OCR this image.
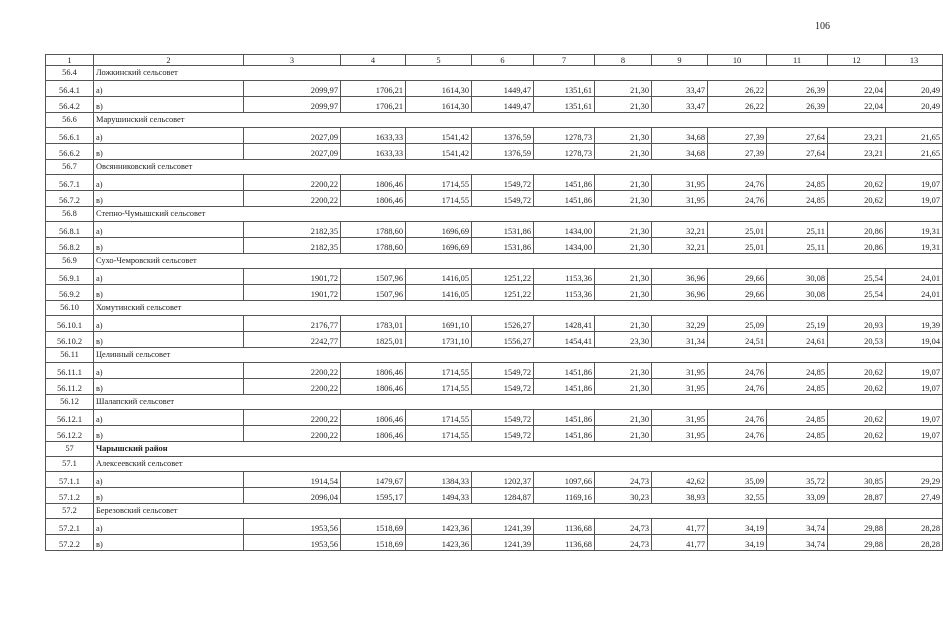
106
1	2	3	4	5	6	7	8	9	10	11	12	13
56.4	Ложкинский сельсовет											
56.4.1	а)	2099,97	1706,21	1614,30	1449,47	1351,61	21,30	33,47	26,22	26,39	22,04	20,49
56.4.2	в)	2099,97	1706,21	1614,30	1449,47	1351,61	21,30	33,47	26,22	26,39	22,04	20,49
56.6	Марушинский сельсовет											
56.6.1	а)	2027,09	1633,33	1541,42	1376,59	1278,73	21,30	34,68	27,39	27,64	23,21	21,65
56.6.2	в)	2027,09	1633,33	1541,42	1376,59	1278,73	21,30	34,68	27,39	27,64	23,21	21,65
56.7	Овсянниковский сельсовет											
56.7.1	а)	2200,22	1806,46	1714,55	1549,72	1451,86	21,30	31,95	24,76	24,85	20,62	19,07
56.7.2	в)	2200,22	1806,46	1714,55	1549,72	1451,86	21,30	31,95	24,76	24,85	20,62	19,07
56.8	Степно-Чумышский сельсовет											
56.8.1	а)	2182,35	1788,60	1696,69	1531,86	1434,00	21,30	32,21	25,01	25,11	20,86	19,31
56.8.2	в)	2182,35	1788,60	1696,69	1531,86	1434,00	21,30	32,21	25,01	25,11	20,86	19,31
56.9	Сухо-Чемровский сельсовет											
56.9.1	а)	1901,72	1507,96	1416,05	1251,22	1153,36	21,30	36,96	29,66	30,08	25,54	24,01
56.9.2	в)	1901,72	1507,96	1416,05	1251,22	1153,36	21,30	36,96	29,66	30,08	25,54	24,01
56.10	Хомутинский сельсовет											
56.10.1	а)	2176,77	1783,01	1691,10	1526,27	1428,41	21,30	32,29	25,09	25,19	20,93	19,39
56.10.2	в)	2242,77	1825,01	1731,10	1556,27	1454,41	23,30	31,34	24,51	24,61	20,53	19,04
56.11	Целинный сельсовет											
56.11.1	а)	2200,22	1806,46	1714,55	1549,72	1451,86	21,30	31,95	24,76	24,85	20,62	19,07
56.11.2	в)	2200,22	1806,46	1714,55	1549,72	1451,86	21,30	31,95	24,76	24,85	20,62	19,07
56.12	Шалапский сельсовет											
56.12.1	а)	2200,22	1806,46	1714,55	1549,72	1451,86	21,30	31,95	24,76	24,85	20,62	19,07
56.12.2	в)	2200,22	1806,46	1714,55	1549,72	1451,86	21,30	31,95	24,76	24,85	20,62	19,07
57	Чарышский район											
57.1	Алексеевский сельсовет											
57.1.1	а)	1914,54	1479,67	1384,33	1202,37	1097,66	24,73	42,62	35,09	35,72	30,85	29,29
57.1.2	в)	2096,04	1595,17	1494,33	1284,87	1169,16	30,23	38,93	32,55	33,09	28,87	27,49
57.2	Березовский сельсовет											
57.2.1	а)	1953,56	1518,69	1423,36	1241,39	1136,68	24,73	41,77	34,19	34,74	29,88	28,28
57.2.2	в)	1953,56	1518,69	1423,36	1241,39	1136,68	24,73	41,77	34,19	34,74	29,88	28,28
